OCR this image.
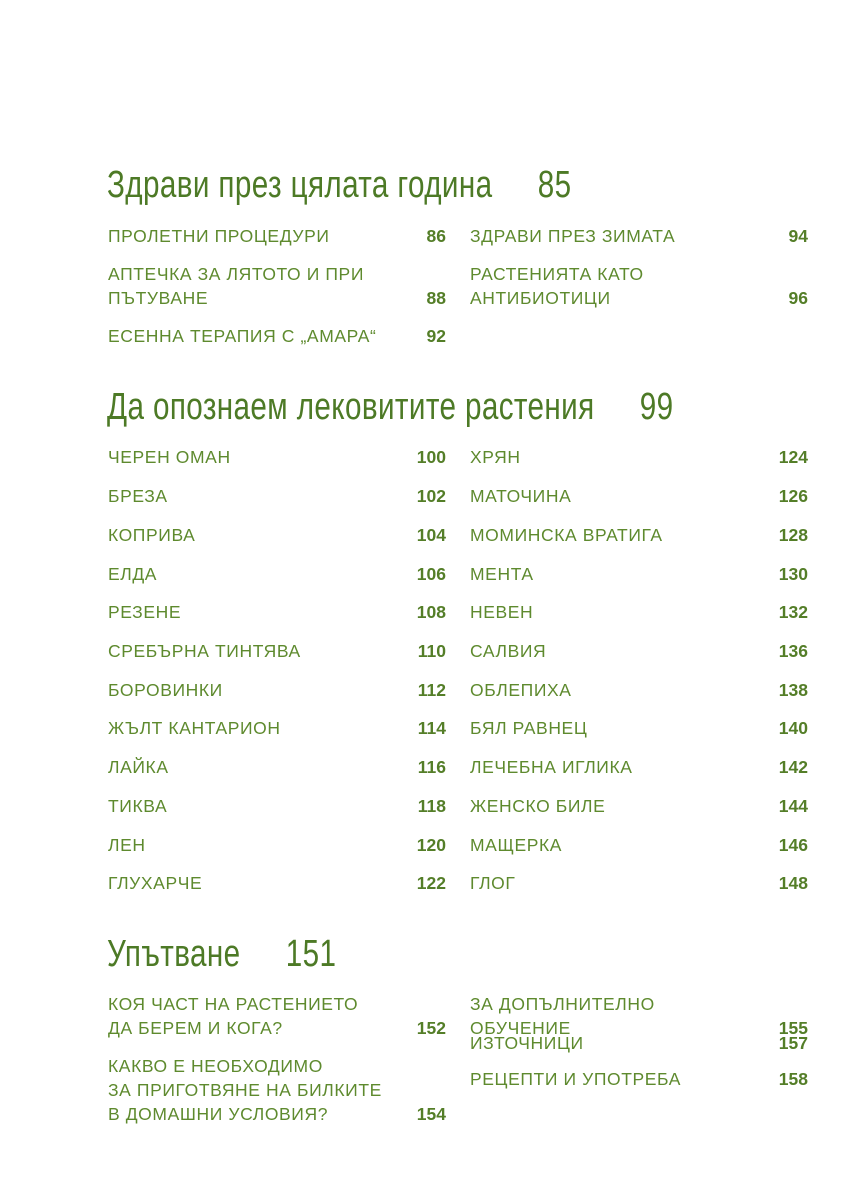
Здрави през цялата година 85
ПРОЛЕТНИ ПРОЦЕДУРИ	86
АПТЕЧКА ЗА ЛЯТОТО И ПРИ
ПЪТУВАНЕ	88
ЕСЕННА ТЕРАПИЯ С „АМАРА“	92
ЗДРАВИ ПРЕЗ ЗИМАТА	94
РАСТЕНИЯТА КАТО
АНТИБИОТИЦИ	96
Да опознаем лековитите растения 99
ЧЕРЕН ОМАН	100
БРЕЗА	102
КОПРИВА	104
ЕЛДА	106
РЕЗЕНЕ	108
СРЕБЪРНА ТИНТЯВА	110
БОРОВИНКИ	112
ЖЪЛТ КАНТАРИОН	114
ЛАЙКА	116
ТИКВА	118
ЛЕН	120
ГЛУХАРЧЕ	122
ХРЯН	124
МАТОЧИНА	126
МОМИНСКА ВРАТИГА	128
МЕНТА	130
НЕВЕН	132
САЛВИЯ	136
ОБЛЕПИХА	138
БЯЛ РАВНЕЦ	140
ЛЕЧЕБНА ИГЛИКА	142
ЖЕНСКО БИЛЕ	144
МАЩЕРКА	146
ГЛОГ	148
Упътване 151
КОЯ ЧАСТ НА РАСТЕНИЕТО
ДА БЕРЕМ И КОГА?	152
КАКВО Е НЕОБХОДИМО
ЗА ПРИГОТВЯНЕ НА БИЛКИТЕ
В ДОМАШНИ УСЛОВИЯ?	154
ЗА ДОПЪЛНИТЕЛНО ОБУЧЕНИЕ	155
ИЗТОЧНИЦИ	157
РЕЦЕПТИ И УПОТРЕБА	158
